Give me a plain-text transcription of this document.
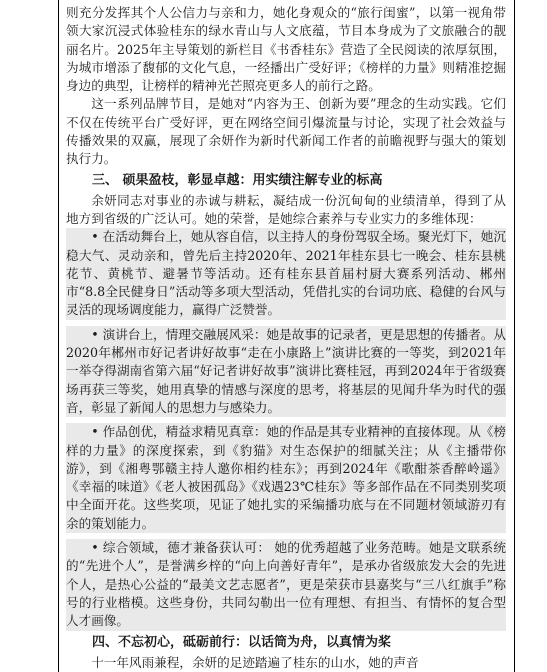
则充分发挥其个人公信力与亲和力，她化身观众的“旅行闺蜜”，以第一视角带领大家沉浸式体验桂东的绿水青山与人文底蕴，节目本身成为了文旅融合的靓丽名片。2025年主导策划的新栏目《书香桂东》营造了全民阅读的浓厚氛围，为城市增添了馥郁的文化气息，一经播出广受好评；《榜样的力量》则精准挖掘身边的典型，让榜样的精神光芒照亮更多人的前行之路。

这一系列品牌节目，是她对“内容为王、创新为要”理念的生动实践。它们不仅在传统平台广受好评，更在网络空间引爆流量与讨论，实现了社会效益与传播效果的双赢，展现了余妍作为新时代新闻工作者的前瞻视野与强大的策划执行力。

三、 硕果盈枝，彰显卓越：用实绩注解专业的标高

余妍同志对事业的赤诚与耕耘，凝结成一份沉甸甸的业绩清单，得到了从地方到省级的广泛认可。她的荣誉，是她综合素养与专业实力的多维体现：

• 在活动舞台上，她从容自信，以主持人的身份驾驭全场。聚光灯下，她沉稳大气、灵动亲和，曾先后主持2020年、2021年桂东县七一晚会、桂东县桃花节、黄桃节、避暑节等活动。还有桂东县首届村厨大赛系列活动、郴州市“8.8全民健身日”活动等多项大型活动，凭借扎实的台词功底、稳健的台风与灵活的现场调度能力，赢得广泛赞誉。

• 演讲台上，情理交融展风采：她是故事的记录者，更是思想的传播者。从2020年郴州市好记者讲好故事“走在小康路上”演讲比赛的一等奖，到2021年一举夺得湖南省第六届“好记者讲好故事”演讲比赛桂冠，再到2024年于省级赛场再获三等奖，她用真挚的情感与深度的思考，将基层的见闻升华为时代的强音，彰显了新闻人的思想力与感染力。

• 作品创优，精益求精见真章：她的作品是其专业精神的直接体现。从《榜样的力量》的深度探索，到《豹猫》对生态保护的细腻关注；从《主播带你游》，到《湘粤鄂赣主持人邀你相约桂东》；再到2024年《歌酣茶香醉岭遥》《幸福的味道》《老人被困孤岛》《戏遇23℃桂东》等多部作品在不同类别奖项中全面开花。这些奖项，见证了她扎实的采编播功底与在不同题材领域游刃有余的策划能力。

• 综合领域，德才兼备获认可： 她的优秀超越了业务范畴。她是文联系统的“先进个人”，是誉满乡梓的“向上向善好青年”，是承办省级旅发大会的先进个人，是热心公益的“最美文艺志愿者”，更是荣获市县嘉奖与“三八红旗手”称号的行业楷模。这些身份，共同勾勒出一位有理想、有担当、有情怀的复合型人才画像。

四、不忘初心，砥砺前行：以话筒为舟，以真情为桨

十一年风雨兼程，余妍的足迹踏遍了桂东的山水，她的声音
